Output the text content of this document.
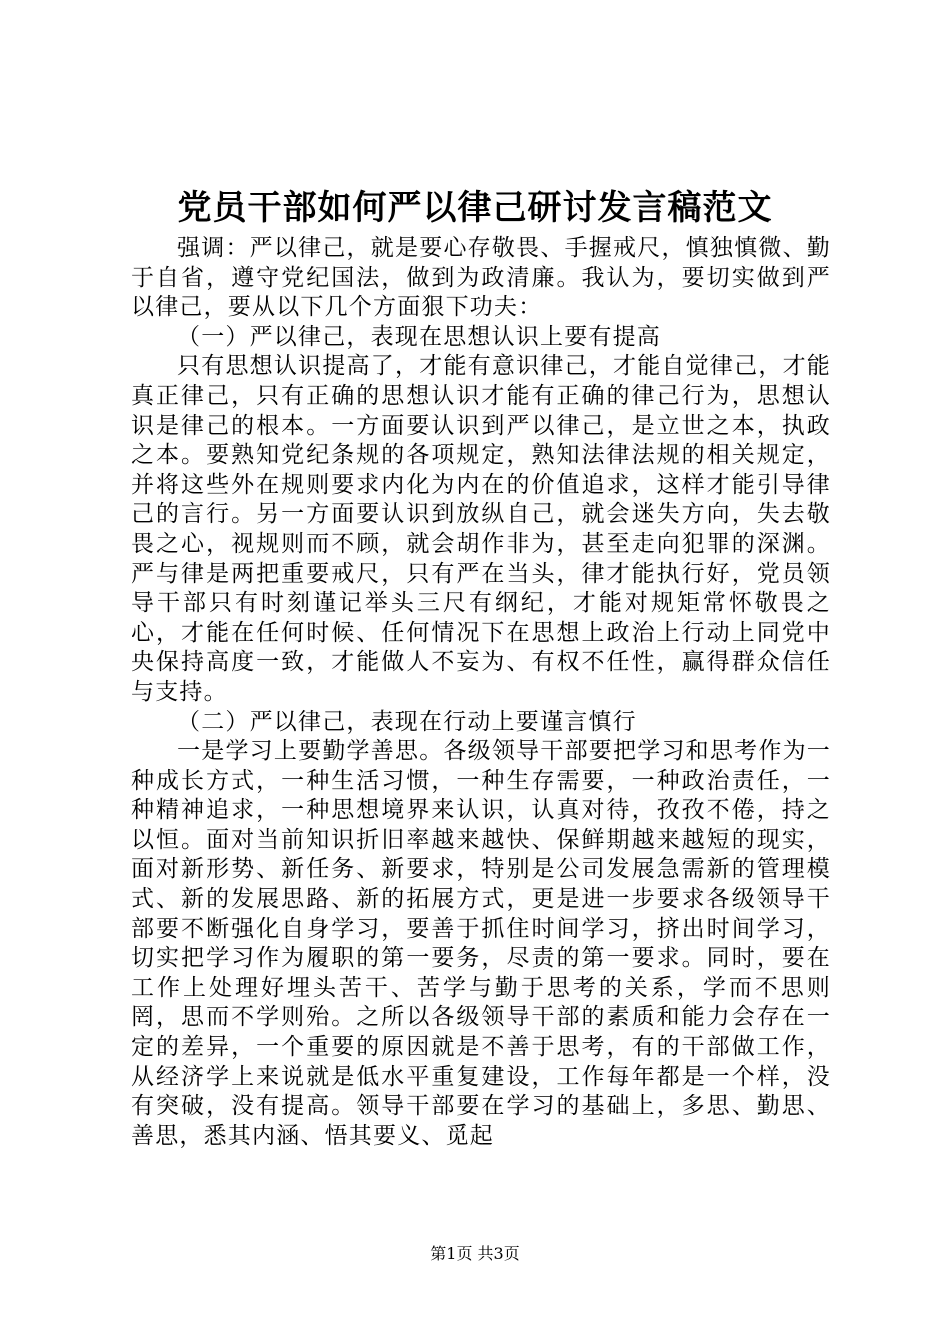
党员干部如何严以律己研讨发言稿范文

强调：严以律己，就是要心存敬畏、手握戒尺，慎独慎微、勤于自省，遵守党纪国法，做到为政清廉。我认为，要切实做到严以律己，要从以下几个方面狠下功夫：

（一）严以律己，表现在思想认识上要有提高

只有思想认识提高了，才能有意识律己，才能自觉律己，才能真正律己，只有正确的思想认识才能有正确的律己行为，思想认识是律己的根本。一方面要认识到严以律己，是立世之本，执政之本。要熟知党纪条规的各项规定，熟知法律法规的相关规定，并将这些外在规则要求内化为内在的价值追求，这样才能引导律己的言行。另一方面要认识到放纵自己，就会迷失方向，失去敬畏之心，视规则而不顾，就会胡作非为，甚至走向犯罪的深渊。严与律是两把重要戒尺，只有严在当头，律才能执行好，党员领导干部只有时刻谨记举头三尺有纲纪，才能对规矩常怀敬畏之心，才能在任何时候、任何情况下在思想上政治上行动上同党中央保持高度一致，才能做人不妄为、有权不任性，赢得群众信任与支持。

（二）严以律己，表现在行动上要谨言慎行

一是学习上要勤学善思。各级领导干部要把学习和思考作为一种成长方式，一种生活习惯，一种生存需要，一种政治责任，一种精神追求，一种思想境界来认识，认真对待，孜孜不倦，持之以恒。面对当前知识折旧率越来越快、保鲜期越来越短的现实，面对新形势、新任务、新要求，特别是公司发展急需新的管理模式、新的发展思路、新的拓展方式，更是进一步要求各级领导干部要不断强化自身学习，要善于抓住时间学习，挤出时间学习，切实把学习作为履职的第一要务，尽责的第一要求。同时，要在工作上处理好埋头苦干、苦学与勤于思考的关系，学而不思则罔，思而不学则殆。之所以各级领导干部的素质和能力会存在一定的差异，一个重要的原因就是不善于思考，有的干部做工作，从经济学上来说就是低水平重复建设，工作每年都是一个样，没有突破，没有提高。领导干部要在学习的基础上，多思、勤思、善思，悉其内涵、悟其要义、觅起

第1页 共3页
